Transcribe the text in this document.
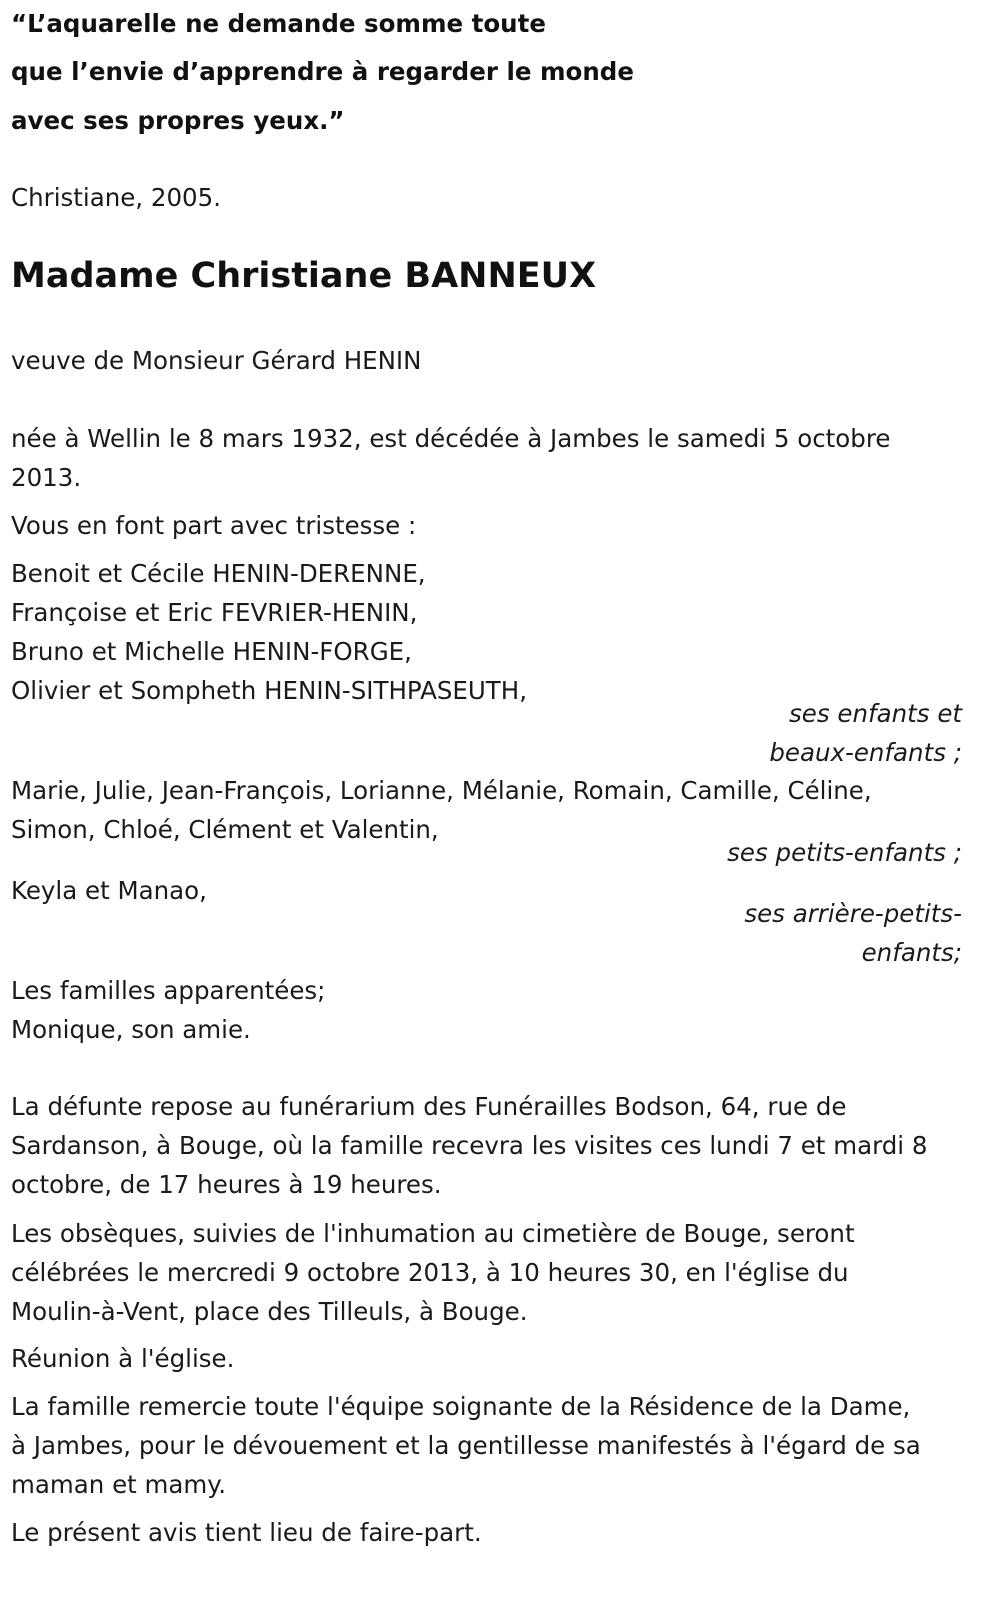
“L’aquarelle ne demande somme toute
que l’envie d’apprendre à regarder le monde
avec ses propres yeux.”
Christiane, 2005.
Madame Christiane BANNEUX
veuve de Monsieur Gérard HENIN
née à Wellin le 8 mars 1932, est décédée à Jambes le samedi 5 octobre
2013.
Vous en font part avec tristesse :
Benoit et Cécile HENIN-DERENNE,
Françoise et Eric FEVRIER-HENIN,
Bruno et Michelle HENIN-FORGE,
Olivier et Sompheth HENIN-SITHPASEUTH,
ses enfants et
beaux-enfants ;
Marie, Julie, Jean-François, Lorianne, Mélanie, Romain, Camille, Céline,
Simon, Chloé, Clément et Valentin,
ses petits-enfants ;
Keyla et Manao,
ses arrière-petits-
enfants;
Les familles apparentées;
Monique, son amie.
La défunte repose au funérarium des Funérailles Bodson, 64, rue de
Sardanson, à Bouge, où la famille recevra les visites ces lundi 7 et mardi 8
octobre, de 17 heures à 19 heures.
Les obsèques, suivies de l'inhumation au cimetière de Bouge, seront
célébrées le mercredi 9 octobre 2013, à 10 heures 30, en l'église du
Moulin-à-Vent, place des Tilleuls, à Bouge.
Réunion à l'église.
La famille remercie toute l'équipe soignante de la Résidence de la Dame,
à Jambes, pour le dévouement et la gentillesse manifestés à l'égard de sa
maman et mamy.
Le présent avis tient lieu de faire-part.
